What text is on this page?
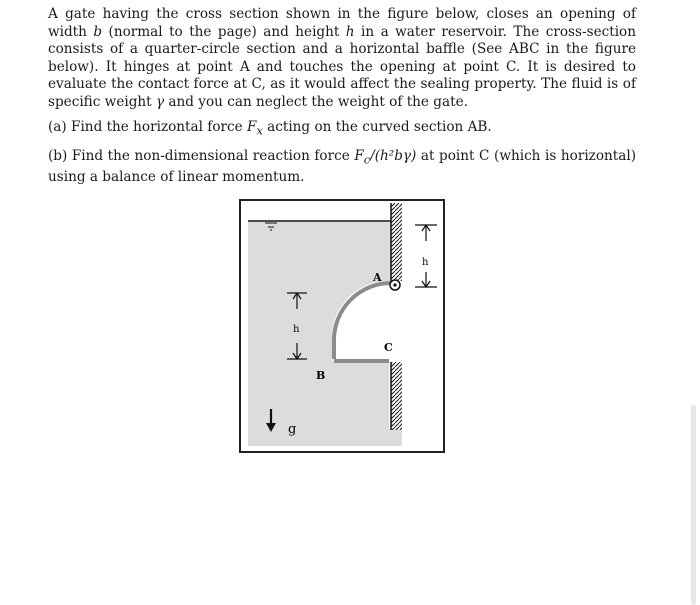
A gate having the cross section shown in the figure below, closes an opening of width b (normal to the page) and height h in a water reservoir. The cross-section consists of a quarter-circle section and a horizontal baffle (See ABC in the figure below). It hinges at point A and touches the opening at point C. It is desired to evaluate the contact force at C, as it would affect the sealing property. The fluid is of specific weight γ and you can neglect the weight of the gate.

(a) Find the horizontal force $F_x$ acting on the curved section AB.

(b) Find the non-dimensional reaction force $F_c/(h^2b\gamma)$ at point C (which is horizontal) using a balance of linear momentum.

A
B
C
h
h
g
